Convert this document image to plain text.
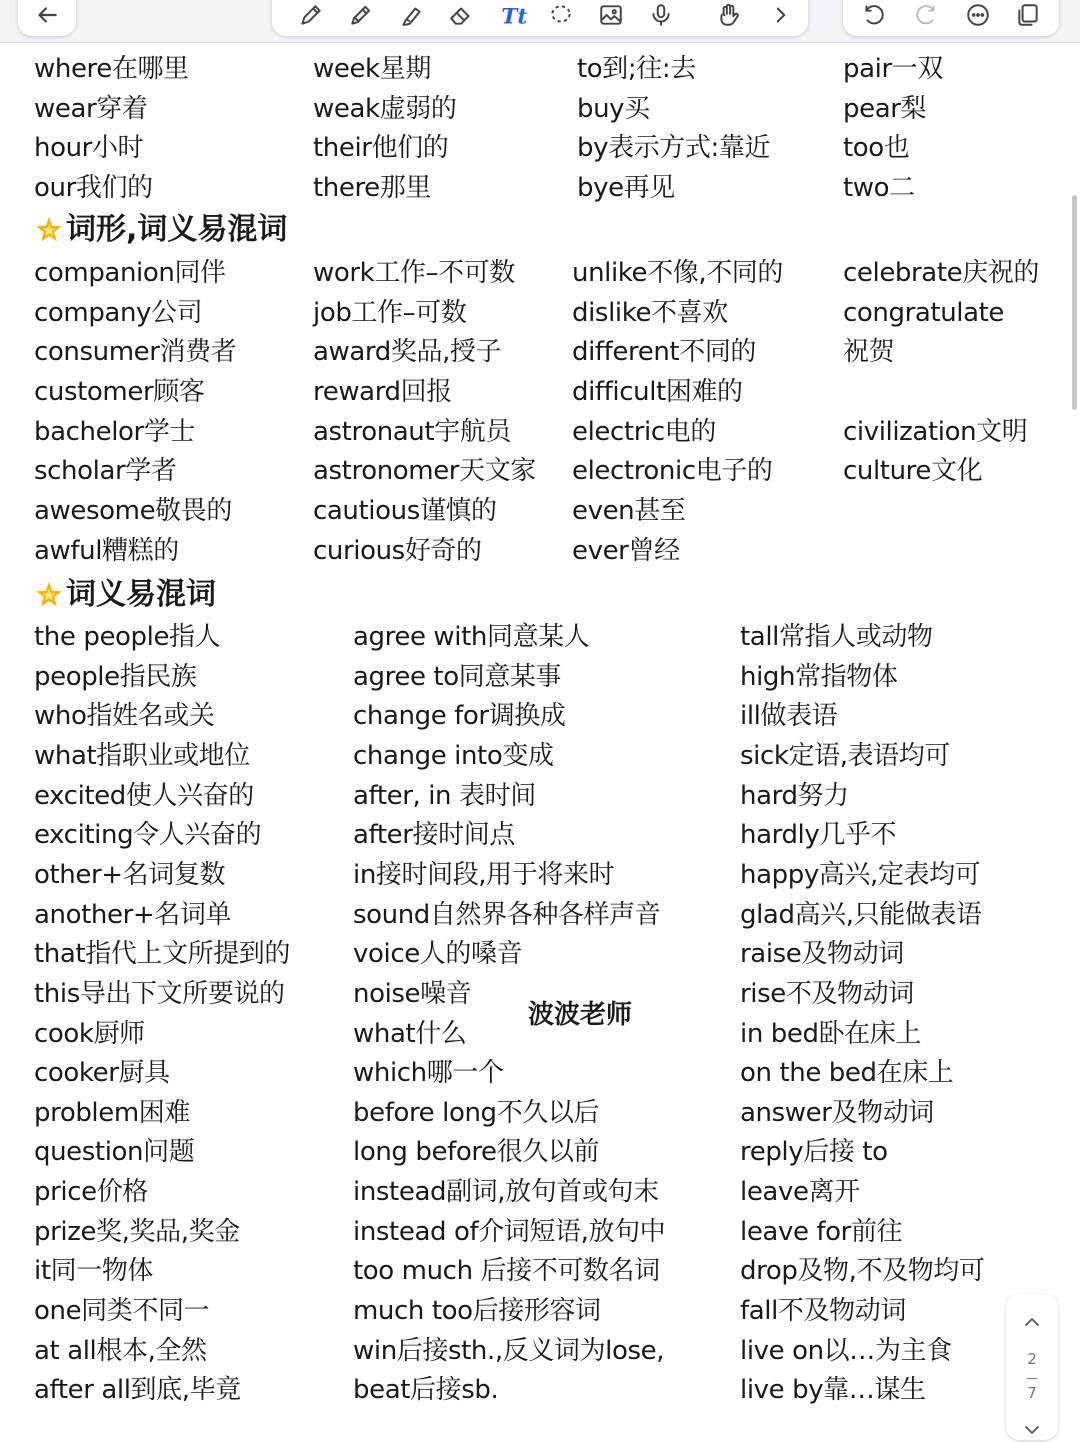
Tt
where在哪里
wear穿着
hour小时
our我们的
week星期
weak虚弱的
their他们的
there那里
to到;往:去
buy买
by表示方式:靠近
bye再见
pair一双
pear梨
too也
two二
词形,词义易混词
companion同伴
company公司
consumer消费者
customer顾客
bachelor学士
scholar学者
awesome敬畏的
awful糟糕的
work工作–不可数
job工作–可数
award奖品,授子
reward回报
astronaut宇航员
astronomer天文家
cautious谨慎的
curious好奇的
unlike不像,不同的
dislike不喜欢
different不同的
difficult困难的
electric电的
electronic电子的
even甚至
ever曾经
celebrate庆祝的
congratulate
祝贺
civilization文明
culture文化
词义易混词
the people指人
people指民族
who指姓名或关
what指职业或地位
excited使人兴奋的
exciting令人兴奋的
other+名词复数
another+名词单
that指代上文所提到的
this导出下文所要说的
cook厨师
cooker厨具
problem困难
question问题
price价格
prize奖,奖品,奖金
it同一物体
one同类不同一
at all根本,全然
after all到底,毕竟
agree with同意某人
agree to同意某事
change for调换成
change into变成
after, in 表时间
after接时间点
in接时间段,用于将来时
sound自然界各种各样声音
voice人的嗓音
noise噪音
what什么
which哪一个
before long不久以后
long before很久以前
instead副词,放句首或句末
instead of介词短语,放句中
too much 后接不可数名词
much too后接形容词
win后接sth.,反义词为lose,
beat后接sb.
tall常指人或动物
high常指物体
ill做表语
sick定语,表语均可
hard努力
hardly几乎不
happy高兴,定表均可
glad高兴,只能做表语
raise及物动词
rise不及物动词
in bed卧在床上
on the bed在床上
answer及物动词
reply后接 to
leave离开
leave for前往
drop及物,不及物均可
fall不及物动词
live on以…为主食
live by靠…谋生
波波老师
2
7
